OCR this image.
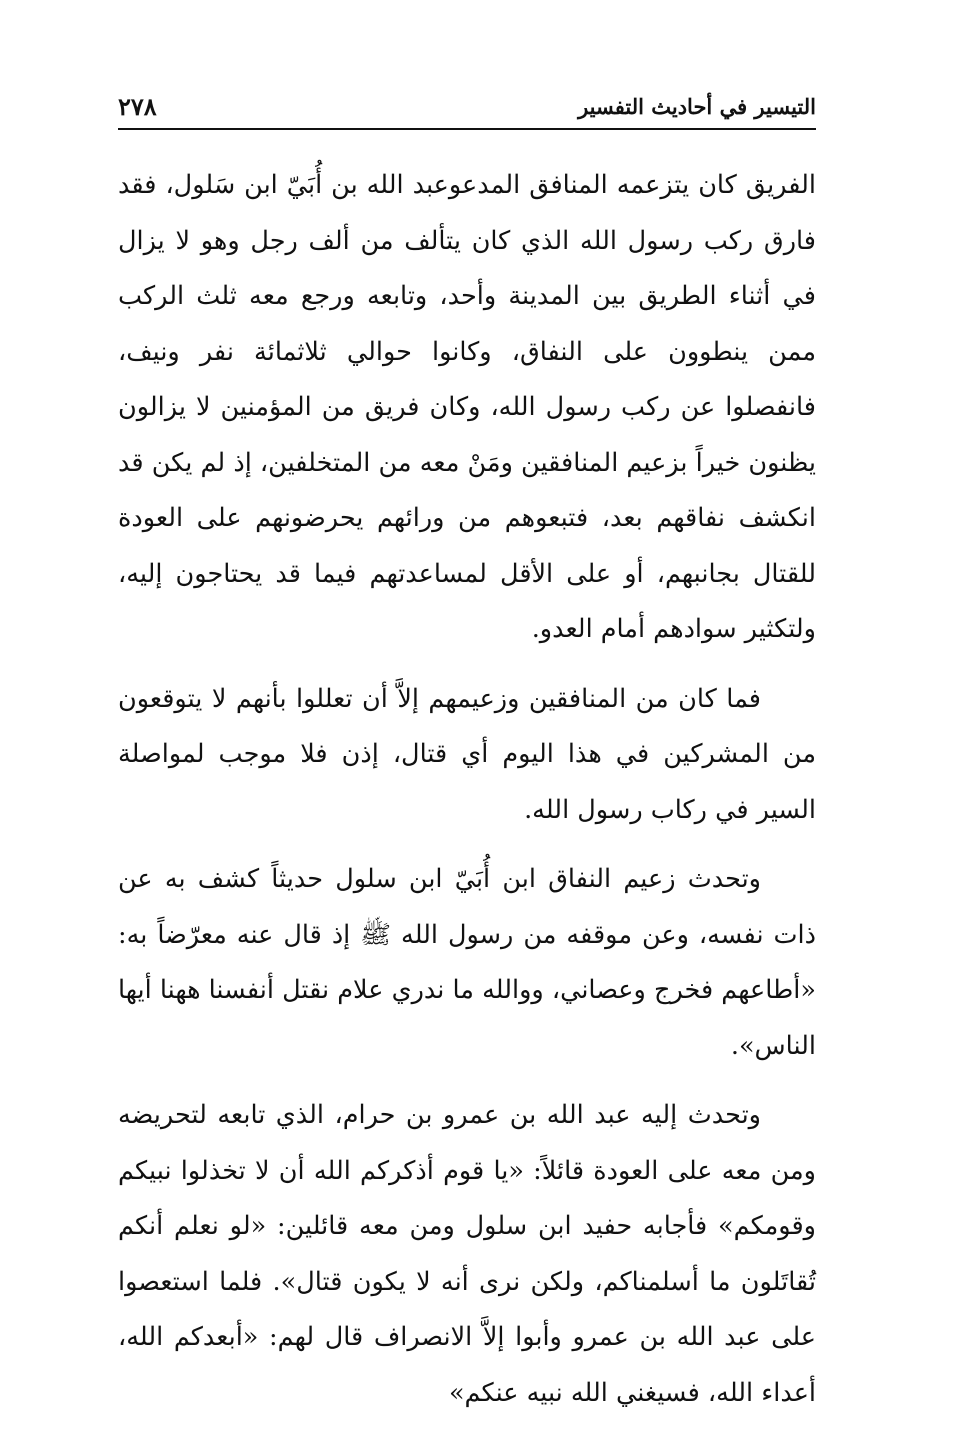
٢٧٨	التيسير في أحاديث التفسير

الفريق كان يتزعمه المنافق المدعوعبد الله بن أُبَيّ ابن سَلول، فقد فارق ركب رسول الله الذي كان يتألف من ألف رجل وهو لا يزال في أثناء الطريق بين المدينة وأحد، وتابعه ورجع معه ثلث الركب ممن ينطوون على النفاق، وكانوا حوالي ثلاثمائة نفر ونيف، فانفصلوا عن ركب رسول الله، وكان فريق من المؤمنين لا يزالون يظنون خيراً بزعيم المنافقين ومَنْ معه من المتخلفين، إذ لم يكن قد انكشف نفاقهم بعد، فتبعوهم من ورائهم يحرضونهم على العودة للقتال بجانبهم، أو على الأقل لمساعدتهم فيما قد يحتاجون إليه، ولتكثير سوادهم أمام العدو.

فما كان من المنافقين وزعيمهم إلاَّ أن تعللوا بأنهم لا يتوقعون من المشركين في هذا اليوم أي قتال، إذن فلا موجب لمواصلة السير في ركاب رسول الله.

وتحدث زعيم النفاق ابن أُبَيّ ابن سلول حديثاً كشف به عن ذات نفسه، وعن موقفه من رسول الله ﷺ إذ قال عنه معرّضاً به: «أطاعهم فخرج وعصاني، ووالله ما ندري علام نقتل أنفسنا ههنا أيها الناس».

وتحدث إليه عبد الله بن عمرو بن حرام، الذي تابعه لتحريضه ومن معه على العودة قائلاً: «يا قوم أذكركم الله أن لا تخذلوا نبيكم وقومكم» فأجابه حفيد ابن سلول ومن معه قائلين: «لو نعلم أنكم تُقاتَلون ما أسلمناكم، ولكن نرى أنه لا يكون قتال». فلما استعصوا على عبد الله بن عمرو وأبوا إلاَّ الانصراف قال لهم: «أبعدكم الله، أعداء الله، فسيغني الله نبيه عنكم»
